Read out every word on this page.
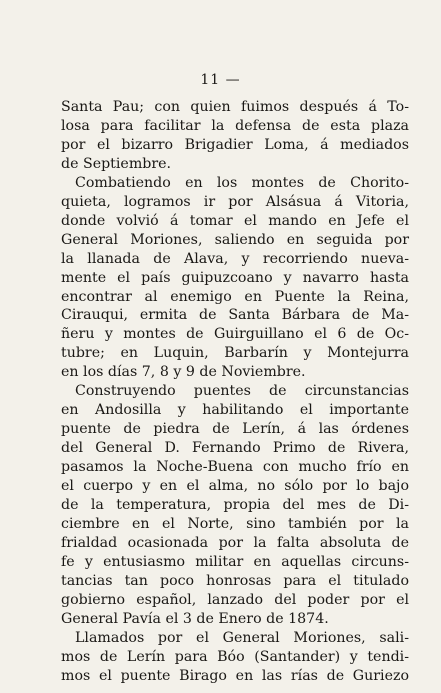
11 —
Santa Pau; con quien fuimos después á To-
losa para facilitar la defensa de esta plaza
por el bizarro Brigadier Loma, á mediados
de Septiembre.
Combatiendo en los montes de Chorito-
quieta, logramos ir por Alsásua á Vitoria,
donde volvió á tomar el mando en Jefe el
General Moriones, saliendo en seguida por
la llanada de Alava, y recorriendo nueva-
mente el país guipuzcoano y navarro hasta
encontrar al enemigo en Puente la Reina,
Cirauqui, ermita de Santa Bárbara de Ma-
ñeru y montes de Guirguillano el 6 de Oc-
tubre; en Luquin, Barbarín y Montejurra
en los días 7, 8 y 9 de Noviembre.
Construyendo puentes de circunstancias
en Andosilla y habilitando el importante
puente de piedra de Lerín, á las órdenes
del General D. Fernando Primo de Rivera,
pasamos la Noche-Buena con mucho frío en
el cuerpo y en el alma, no sólo por lo bajo
de la temperatura, propia del mes de Di-
ciembre en el Norte, sino también por la
frialdad ocasionada por la falta absoluta de
fe y entusiasmo militar en aquellas circuns-
tancias tan poco honrosas para el titulado
gobierno español, lanzado del poder por el
General Pavía el 3 de Enero de 1874.
Llamados por el General Moriones, sali-
mos de Lerín para Bóo (Santander) y tendi-
mos el puente Birago en las rías de Guriezo
